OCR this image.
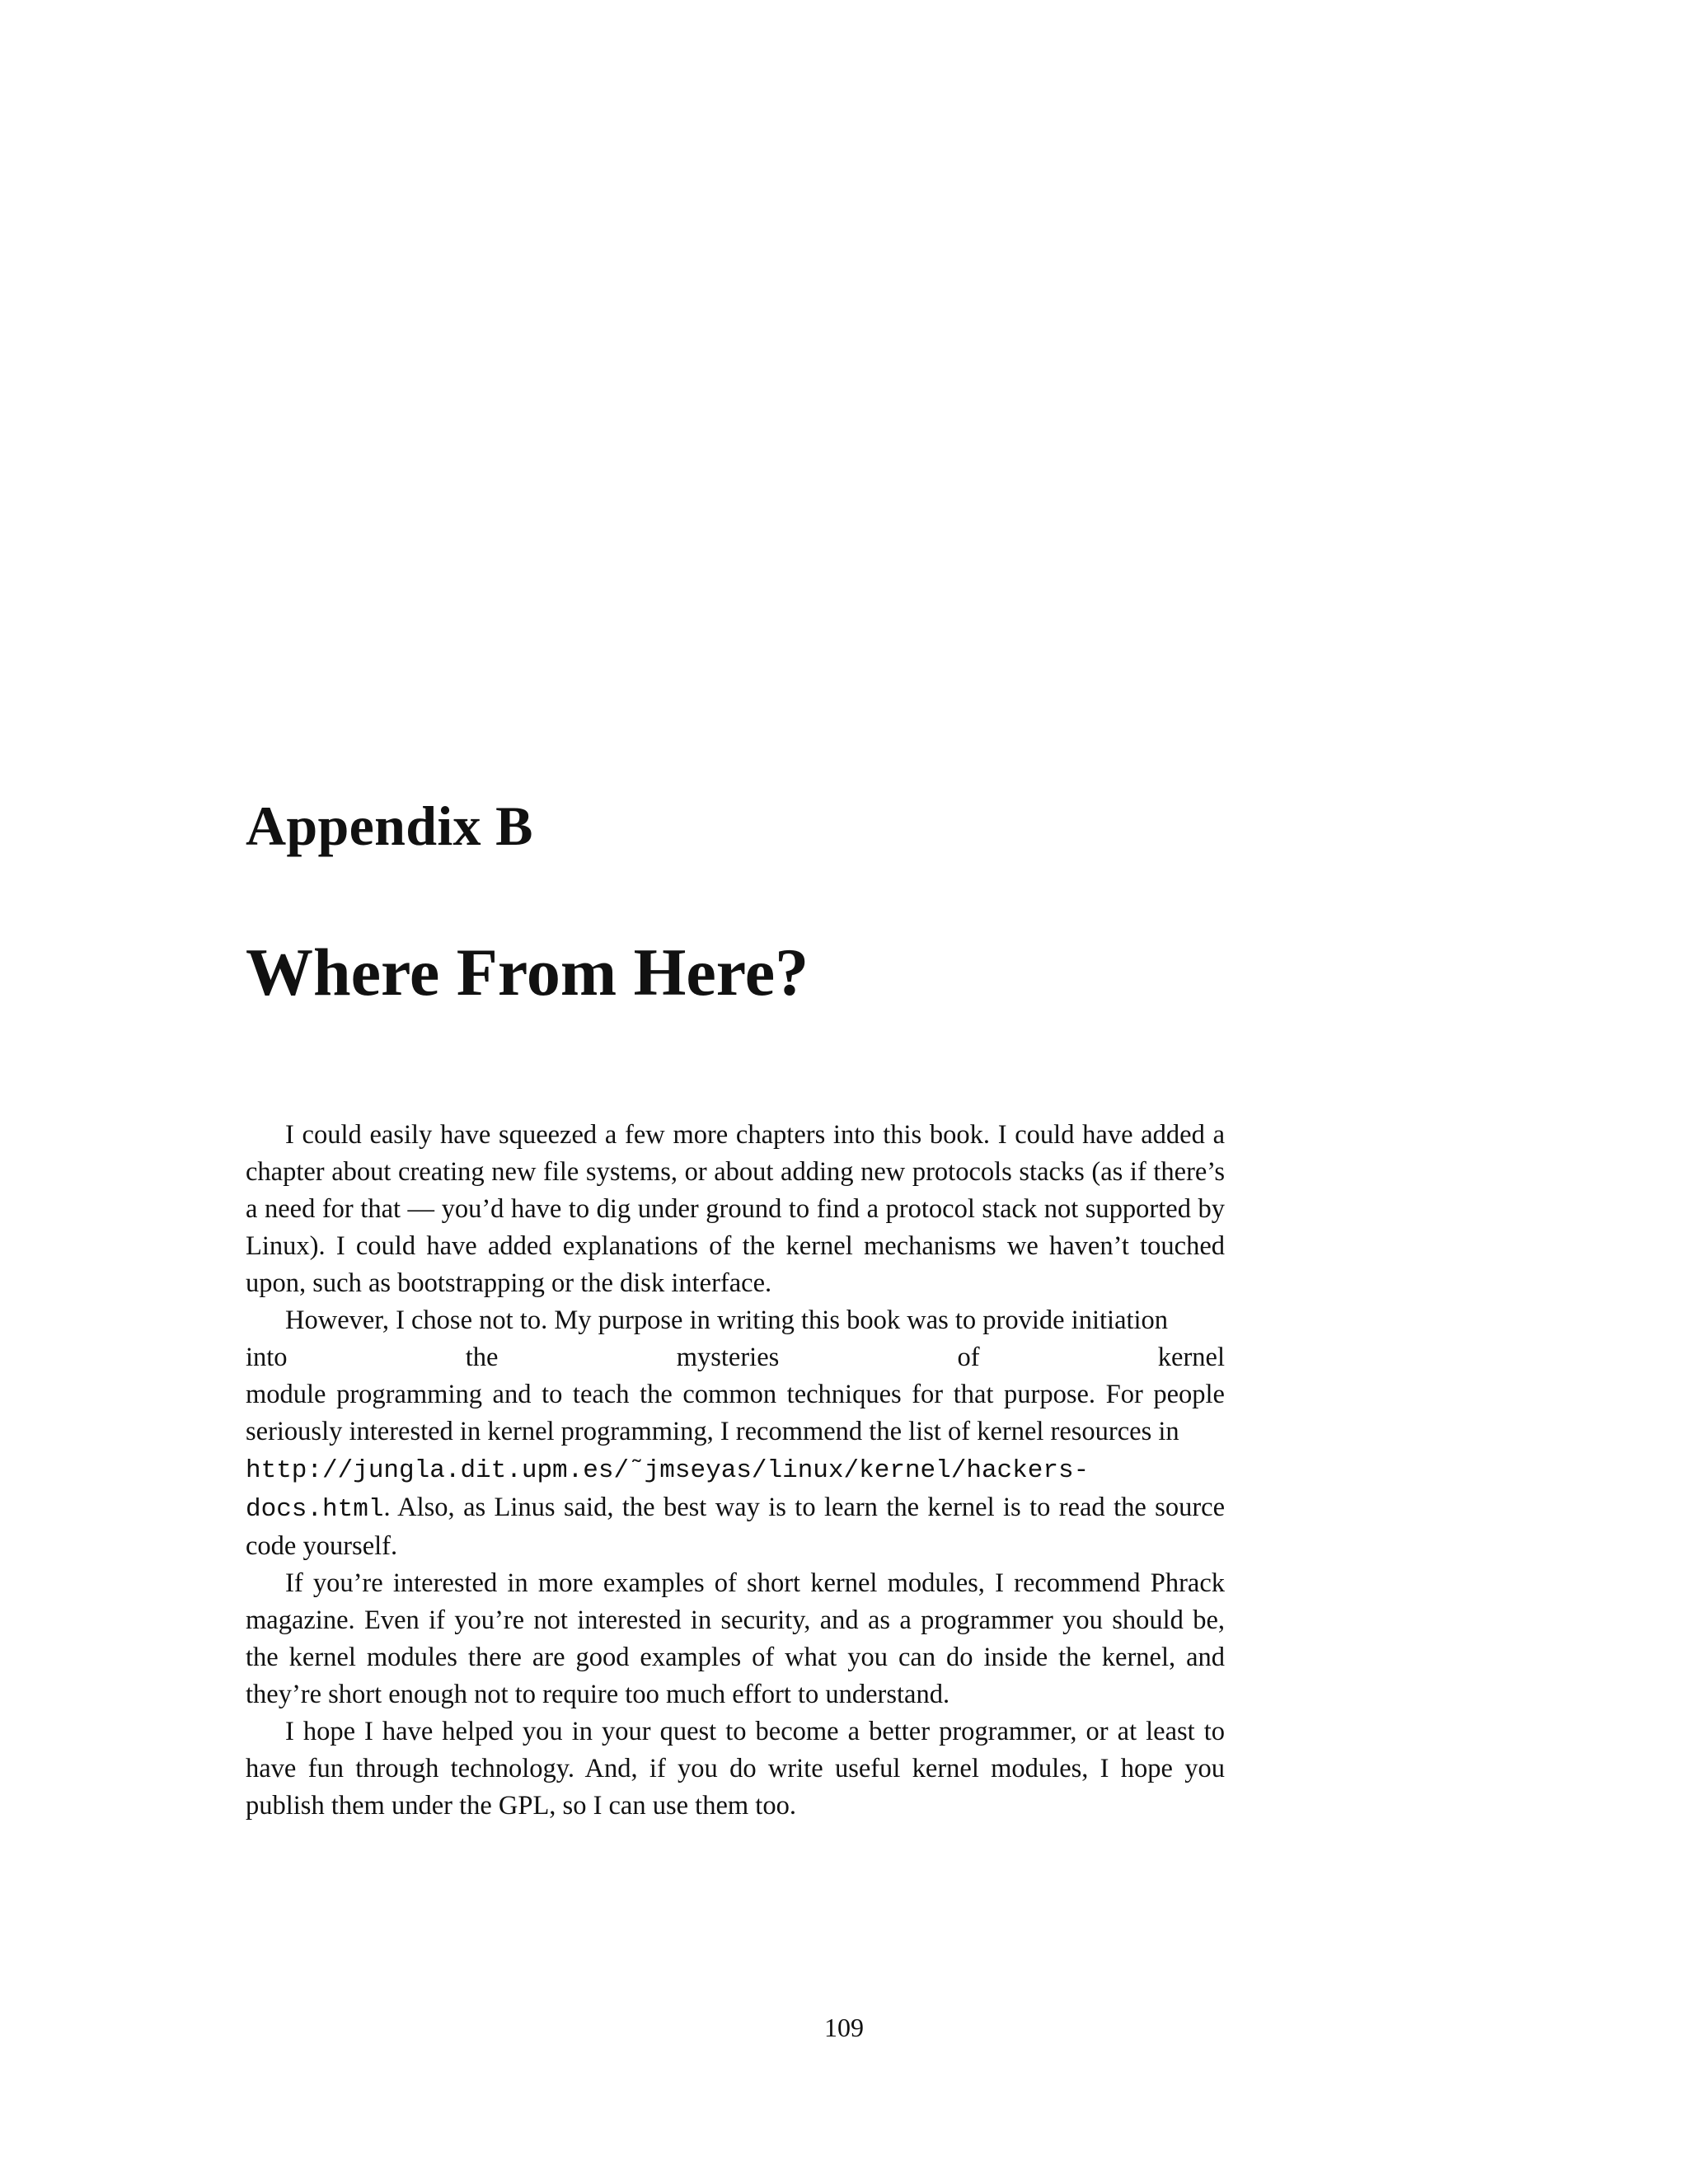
Appendix B
Where From Here?

I could easily have squeezed a few more chapters into this book. I could have added a chapter about creating new file systems, or about adding new protocols stacks (as if there’s a need for that — you’d have to dig under ground to find a protocol stack not supported by Linux). I could have added explanations of the kernel mechanisms we haven’t touched upon, such as bootstrapping or the disk interface.

However, I chose not to. My purpose in writing this book was to provide initiation

into	the	mysteries	of	kernel

module programming and to teach the common techniques for that purpose. For people seriously interested in kernel programming, I recommend the list of kernel resources in
http://jungla.dit.upm.es/˜jmseyas/linux/kernel/hackers-
docs.html. Also, as Linus said, the best way is to learn the kernel is to read the source code yourself.

If you’re interested in more examples of short kernel modules, I recommend Phrack magazine. Even if you’re not interested in security, and as a programmer you should be, the kernel modules there are good examples of what you can do inside the kernel, and they’re short enough not to require too much effort to understand.

I hope I have helped you in your quest to become a better programmer, or at least to have fun through technology. And, if you do write useful kernel modules, I hope you publish them under the GPL, so I can use them too.

109
